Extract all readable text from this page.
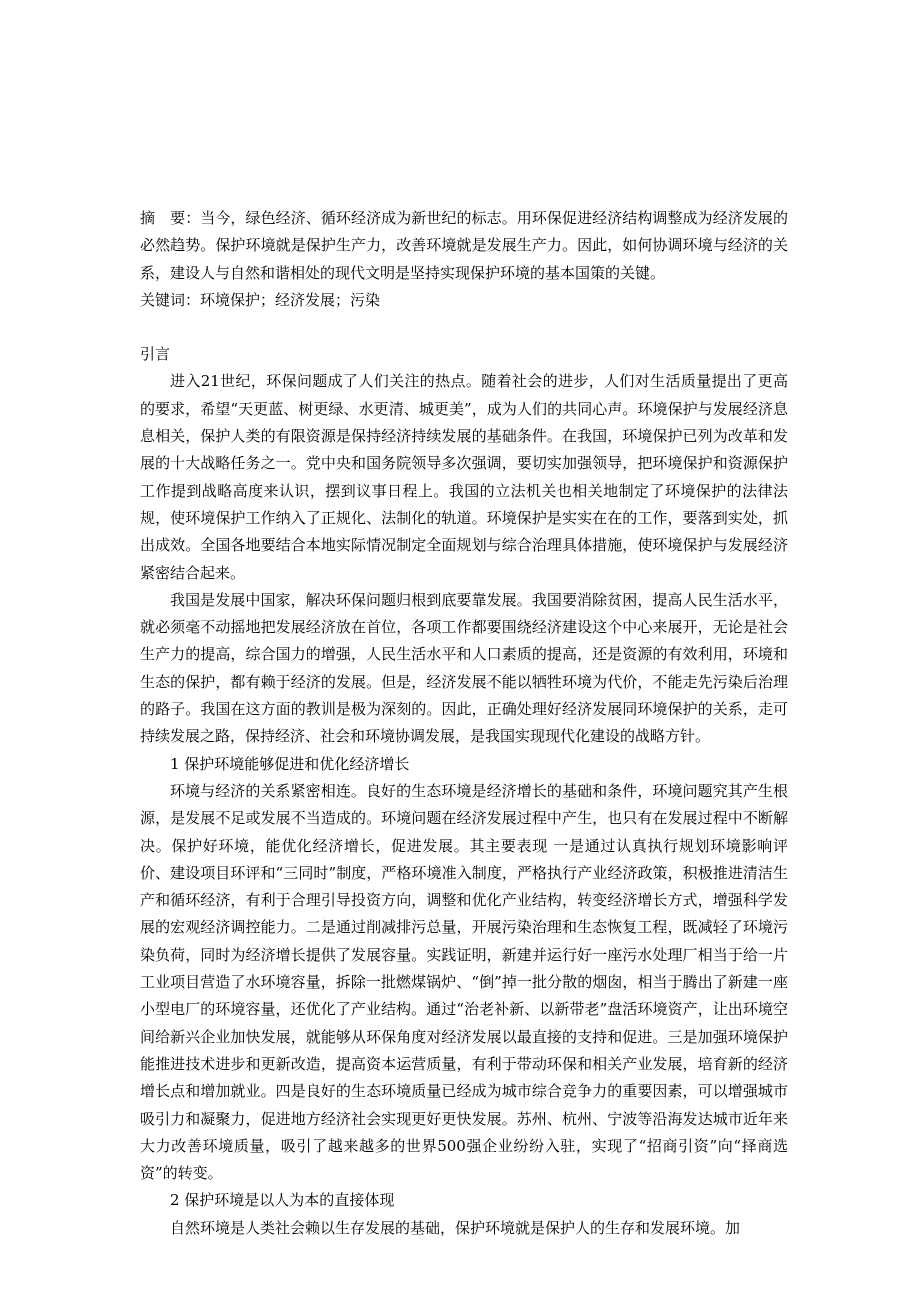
摘　要：当今，绿色经济、循环经济成为新世纪的标志。用环保促进经济结构调整成为经济发展的必然趋势。保护环境就是保护生产力，改善环境就是发展生产力。因此，如何协调环境与经济的关系，建设人与自然和谐相处的现代文明是坚持实现保护环境的基本国策的关键。

关键词：环境保护；经济发展；污染

引言

进入21世纪，环保问题成了人们关注的热点。随着社会的进步，人们对生活质量提出了更高的要求，希望“天更蓝、树更绿、水更清、城更美”，成为人们的共同心声。环境保护与发展经济息息相关，保护人类的有限资源是保持经济持续发展的基础条件。在我国，环境保护已列为改革和发展的十大战略任务之一。党中央和国务院领导多次强调，要切实加强领导，把环境保护和资源保护工作提到战略高度来认识，摆到议事日程上。我国的立法机关也相关地制定了环境保护的法律法规，使环境保护工作纳入了正规化、法制化的轨道。环境保护是实实在在的工作，要落到实处，抓出成效。全国各地要结合本地实际情况制定全面规划与综合治理具体措施，使环境保护与发展经济紧密结合起来。

我国是发展中国家，解决环保问题归根到底要靠发展。我国要消除贫困，提高人民生活水平，就必须毫不动摇地把发展经济放在首位，各项工作都要围绕经济建设这个中心来展开，无论是社会生产力的提高，综合国力的增强，人民生活水平和人口素质的提高，还是资源的有效利用，环境和生态的保护，都有赖于经济的发展。但是，经济发展不能以牺牲环境为代价，不能走先污染后治理的路子。我国在这方面的教训是极为深刻的。因此，正确处理好经济发展同环境保护的关系，走可持续发展之路，保持经济、社会和环境协调发展，是我国实现现代化建设的战略方针。

1 保护环境能够促进和优化经济增长

环境与经济的关系紧密相连。良好的生态环境是经济增长的基础和条件，环境问题究其产生根源，是发展不足或发展不当造成的。环境问题在经济发展过程中产生，也只有在发展过程中不断解决。保护好环境，能优化经济增长，促进发展。其主要表现 一是通过认真执行规划环境影响评价、建设项目环评和“三同时”制度，严格环境准入制度，严格执行产业经济政策，积极推进清洁生产和循环经济，有利于合理引导投资方向，调整和优化产业结构，转变经济增长方式，增强科学发展的宏观经济调控能力。二是通过削减排污总量，开展污染治理和生态恢复工程，既减轻了环境污染负荷，同时为经济增长提供了发展容量。实践证明，新建并运行好一座污水处理厂相当于给一片工业项目营造了水环境容量，拆除一批燃煤锅炉、“倒”掉一批分散的烟囱，相当于腾出了新建一座小型电厂的环境容量，还优化了产业结构。通过“治老补新、以新带老”盘活环境资产，让出环境空间给新兴企业加快发展，就能够从环保角度对经济发展以最直接的支持和促进。三是加强环境保护能推进技术进步和更新改造，提高资本运营质量，有利于带动环保和相关产业发展，培育新的经济增长点和增加就业。四是良好的生态环境质量已经成为城市综合竞争力的重要因素，可以增强城市吸引力和凝聚力，促进地方经济社会实现更好更快发展。苏州、杭州、宁波等沿海发达城市近年来大力改善环境质量，吸引了越来越多的世界500强企业纷纷入驻，实现了“招商引资”向“择商选资”的转变。

2 保护环境是以人为本的直接体现

自然环境是人类社会赖以生存发展的基础，保护环境就是保护人的生存和发展环境。加
